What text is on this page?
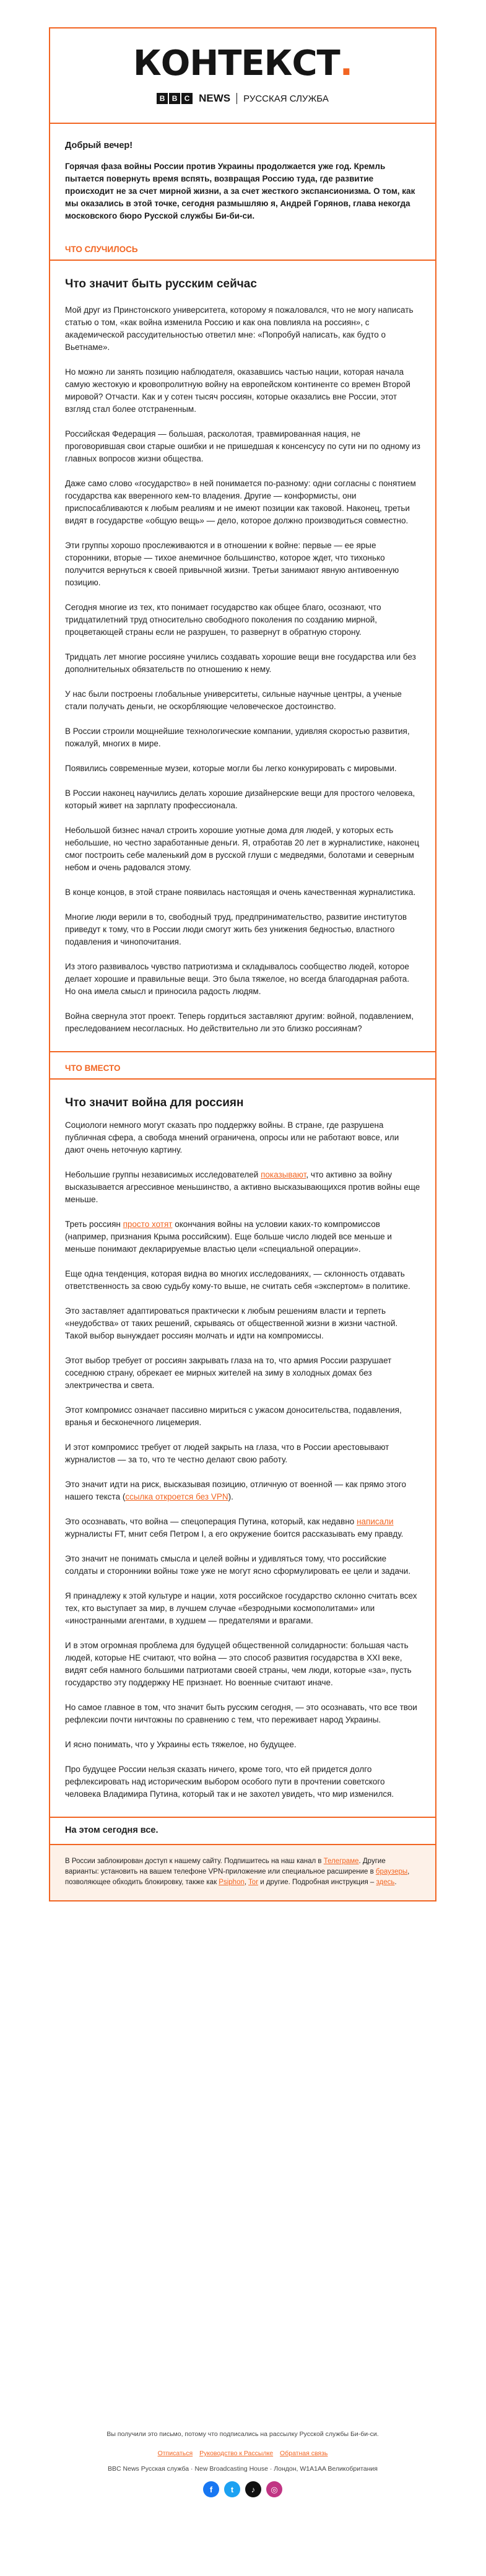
КОНТЕКСТ.
B B C NEWS РУССКАЯ СЛУЖБА
Добрый вечер!
Горячая фаза войны России против Украины продолжается уже год. Кремль пытается повернуть время вспять, возвращая Россию туда, где развитие происходит не за счет мирной жизни, а за счет жесткого экспансионизма. О том, как мы оказались в этой точке, сегодня размышляю я, Андрей Горянов, глава некогда московского бюро Русской службы Би-би-си.
ЧТО СЛУЧИЛОСЬ
Что значит быть русским сейчас

Мой друг из Принстонского университета, которому я пожаловался, что не могу написать статью о том, «как война изменила Россию и как она повлияла на россиян», с академической рассудительностью ответил мне: «Попробуй написать, как будто о Вьетнаме».

Но можно ли занять позицию наблюдателя, оказавшись частью нации, которая начала самую жестокую и кровопролитную войну на европейском континенте со времен Второй мировой? Отчасти. Как и у сотен тысяч россиян, которые оказались вне России, этот взгляд стал более отстраненным.

Российская Федерация — большая, расколотая, травмированная нация, не проговорившая свои старые ошибки и не пришедшая к консенсусу по сути ни по одному из главных вопросов жизни общества.

Даже само слово «государство» в ней понимается по-разному: одни согласны с понятием государства как вверенного кем-то владения. Другие — конформисты, они приспосабливаются к любым реалиям и не имеют позиции как таковой. Наконец, третьи видят в государстве «общую вещь» — дело, которое должно производиться совместно.

Эти группы хорошо прослеживаются и в отношении к войне: первые — ее ярые сторонники, вторые — тихое анемичное большинство, которое ждет, что тихонько получится вернуться к своей привычной жизни. Третьи занимают явную антивоенную позицию.

Сегодня многие из тех, кто понимает государство как общее благо, осознают, что тридцатилетний труд относительно свободного поколения по созданию мирной, процветающей страны если не разрушен, то развернут в обратную сторону.

Тридцать лет многие россияне учились создавать хорошие вещи вне государства или без дополнительных обязательств по отношению к нему.

У нас были построены глобальные университеты, сильные научные центры, а ученые стали получать деньги, не оскорбляющие человеческое достоинство.

В России строили мощнейшие технологические компании, удивляя скоростью развития, пожалуй, многих в мире.

Появились современные музеи, которые могли бы легко конкурировать с мировыми.

В России наконец научились делать хорошие дизайнерские вещи для простого человека, который живет на зарплату профессионала.

Небольшой бизнес начал строить хорошие уютные дома для людей, у которых есть небольшие, но честно заработанные деньги. Я, отработав 20 лет в журналистике, наконец смог построить себе маленький дом в русской глуши с медведями, болотами и северным небом и очень радовался этому.

В конце концов, в этой стране появилась настоящая и очень качественная журналистика.

Многие люди верили в то, свободный труд, предпринимательство, развитие институтов приведут к тому, что в России люди смогут жить без унижения бедностью, властного подавления и чинопочитания.

Из этого развивалось чувство патриотизма и складывалось сообщество людей, которое делает хорошие и правильные вещи. Это была тяжелое, но всегда благодарная работа. Но она имела смысл и приносила радость людям.

Война свернула этот проект. Теперь гордиться заставляют другим: войной, подавлением, преследованием несогласных. Но действительно ли это близко россиянам?

ЧТО ВМЕСТО
Что значит война для россиян

Социологи немного могут сказать про поддержку войны. В стране, где разрушена публичная сфера, а свобода мнений ограничена, опросы или не работают вовсе, или дают очень неточную картину.

Небольшие группы независимых исследователей показывают, что активно за войну высказывается агрессивное меньшинство, а активно высказывающихся против войны еще меньше.

Треть россиян просто хотят окончания войны на условии каких-то компромиссов (например, признания Крыма российским). Еще больше число людей все меньше и меньше понимают декларируемые властью цели «специальной операции».

Еще одна тенденция, которая видна во многих исследованиях, — склонность отдавать ответственность за свою судьбу кому-то выше, не считать себя «экспертом» в политике.

Это заставляет адаптироваться практически к любым решениям власти и терпеть «неудобства» от таких решений, скрываясь от общественной жизни в жизни частной. Такой выбор вынуждает россиян молчать и идти на компромиссы.

Этот выбор требует от россиян закрывать глаза на то, что армия России разрушает соседнюю страну, обрекает ее мирных жителей на зиму в холодных домах без электричества и света.

Этот компромисс означает пассивно мириться с ужасом доносительства, подавления, вранья и бесконечного лицемерия.

И этот компромисс требует от людей закрыть на глаза, что в России арестовывают журналистов — за то, что те честно делают свою работу.

Это значит идти на риск, высказывая позицию, отличную от военной — как прямо этого нашего текста (ссылка откроется без VPN).

Это осознавать, что война — спецоперация Путина, который, как недавно написали журналисты FT, мнит себя Петром I, а его окружение боится рассказывать ему правду.

Это значит не понимать смысла и целей войны и удивляться тому, что российские солдаты и сторонники войны тоже уже не могут ясно сформулировать ее цели и задачи.

Я принадлежу к этой культуре и нации, хотя российское государство склонно считать всех тех, кто выступает за мир, в лучшем случае «безродными космополитами» или «иностранными агентами, в худшем — предателями и врагами.

И в этом огромная проблема для будущей общественной солидарности: большая часть людей, которые НЕ считают, что война — это способ развития государства в XXI веке, видят себя намного большими патриотами своей страны, чем люди, которые «за», пусть государство эту поддержку НЕ признает. Но военные считают иначе.

Но самое главное в том, что значит быть русским сегодня, — это осознавать, что все твои рефлексии почти ничтожны по сравнению с тем, что переживает народ Украины.

И ясно понимать, что у Украины есть тяжелое, но будущее.

Про будущее России нельзя сказать ничего, кроме того, что ей придется долго рефлексировать над историческим выбором особого пути в прочтении советского человека Владимира Путина, который так и не захотел увидеть, что мир изменился.

На этом сегодня все.
В России заблокирован доступ к нашему сайту. Подпишитесь на наш канал в Телеграме. Другие варианты: установить на вашем телефоне VPN-приложение или специальное расширение в браузеры, позволяющее обходить блокировку, также как Psiphon, Tor и другие. Подробная инструкция – здесь.
Вы получили это письмо, потому что подписались на рассылку Русской службы Би-би-си.
Отписаться Руководство к Рассылке Обратная связь
BBC News Русская служба · New Broadcasting House · Лондон, W1A1AA Великобритания
f	t	♪	◎
